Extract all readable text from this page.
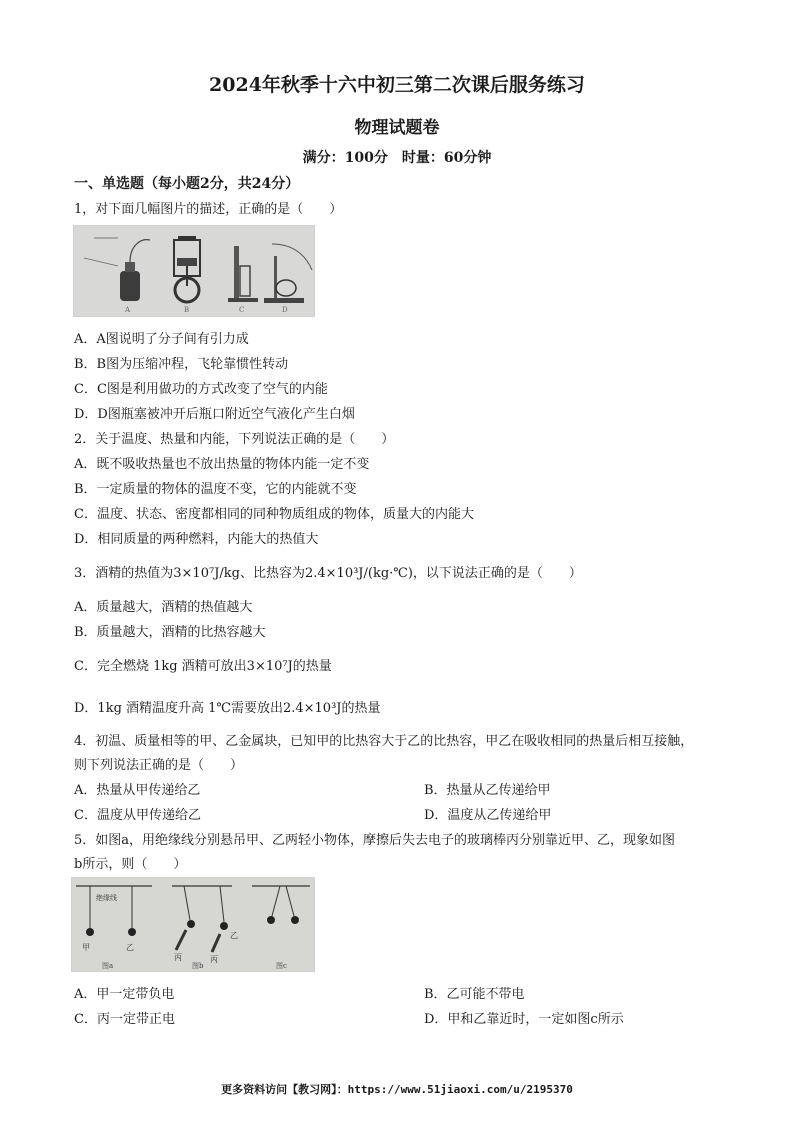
2024年秋季十六中初三第二次课后服务练习
物理试题卷
满分：100分　时量：60分钟
一、单选题（每小题2分，共24分）
1，对下面几幅图片的描述，正确的是（　　）
A	B	C	D
A．A图说明了分子间有引力成
B．B图为压缩冲程，飞轮靠惯性转动
C．C图是利用做功的方式改变了空气的内能
D．D图瓶塞被冲开后瓶口附近空气液化产生白烟
2．关于温度、热量和内能，下列说法正确的是（　　）
A．既不吸收热量也不放出热量的物体内能一定不变
B．一定质量的物体的温度不变，它的内能就不变
C．温度、状态、密度都相同的同种物质组成的物体，质量大的内能大
D．相同质量的两种燃料，内能大的热值大
3．酒精的热值为3×10⁷J/kg、比热容为2.4×10³J/(kg·℃)，以下说法正确的是（　　）
A．质量越大，酒精的热值越大
B．质量越大，酒精的比热容越大
C．完全燃烧 1kg 酒精可放出3×10⁷J的热量
D．1kg 酒精温度升高 1℃需要放出2.4×10³J的热量
4．初温、质量相等的甲、乙金属块，已知甲的比热容大于乙的比热容，甲乙在吸收相同的热量后相互接触，
则下列说法正确的是（　　）
A．热量从甲传递给乙	B．热量从乙传递给甲
C．温度从甲传递给乙	D．温度从乙传递给甲
5．如图a，用绝缘线分别悬吊甲、乙两轻小物体，摩擦后失去电子的玻璃棒丙分别靠近甲、乙，现象如图
b所示，则（　　）
绝缘线
甲	乙
丙
乙
丙
图a	图b	图c
A．甲一定带负电	B．乙可能不带电
C．丙一定带正电	D．甲和乙靠近时，一定如图c所示
更多资料访问【教习网】：https://www.51jiaoxi.com/u/2195370
